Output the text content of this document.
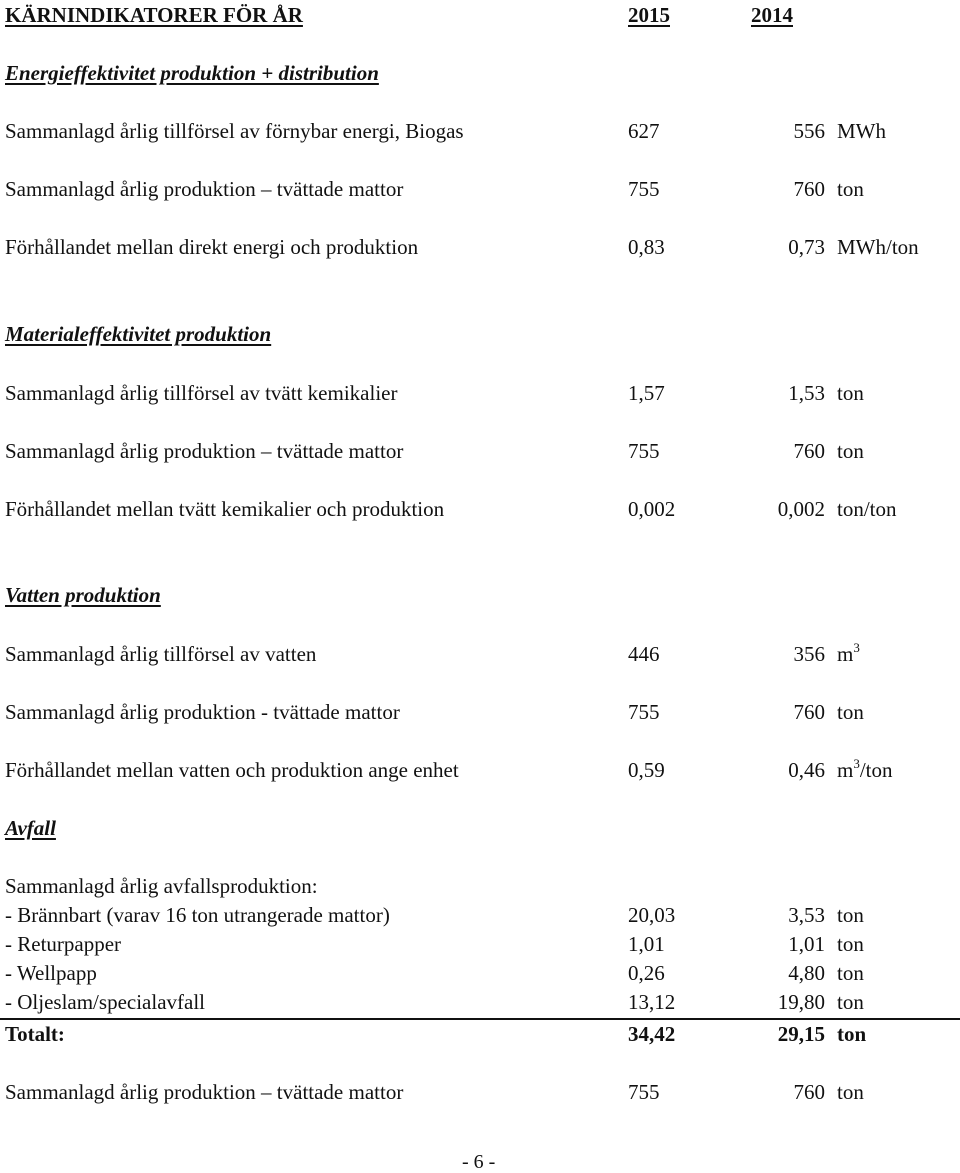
KÄRNINDIKATORER FÖR ÅR	2015	2014
Energieffektivitet produktion + distribution
Sammanlagd årlig tillförsel av förnybar energi, Biogas	627	556 MWh
Sammanlagd årlig produktion – tvättade mattor	755	760 ton
Förhållandet mellan direkt energi och produktion	0,83	0,73 MWh/ton
Materialeffektivitet produktion
Sammanlagd årlig tillförsel av tvätt kemikalier	1,57	1,53 ton
Sammanlagd årlig produktion – tvättade mattor	755	760 ton
Förhållandet mellan tvätt kemikalier och produktion	0,002	0,002 ton/ton
Vatten produktion
Sammanlagd årlig tillförsel av vatten	446	356 $m^3$
Sammanlagd årlig produktion - tvättade mattor	755	760 ton
Förhållandet mellan vatten och produktion ange enhet	0,59	0,46 $m^3$/ton
Avfall
Sammanlagd årlig avfallsproduktion:
- Brännbart (varav 16 ton utrangerade mattor)	20,03	3,53 ton
- Returpapper	1,01	1,01 ton
- Wellpapp	0,26	4,80 ton
- Oljeslam/specialavfall	13,12	19,80 ton
Totalt:	34,42	29,15 ton
Sammanlagd årlig produktion – tvättade mattor	755	760 ton
- 6 -
